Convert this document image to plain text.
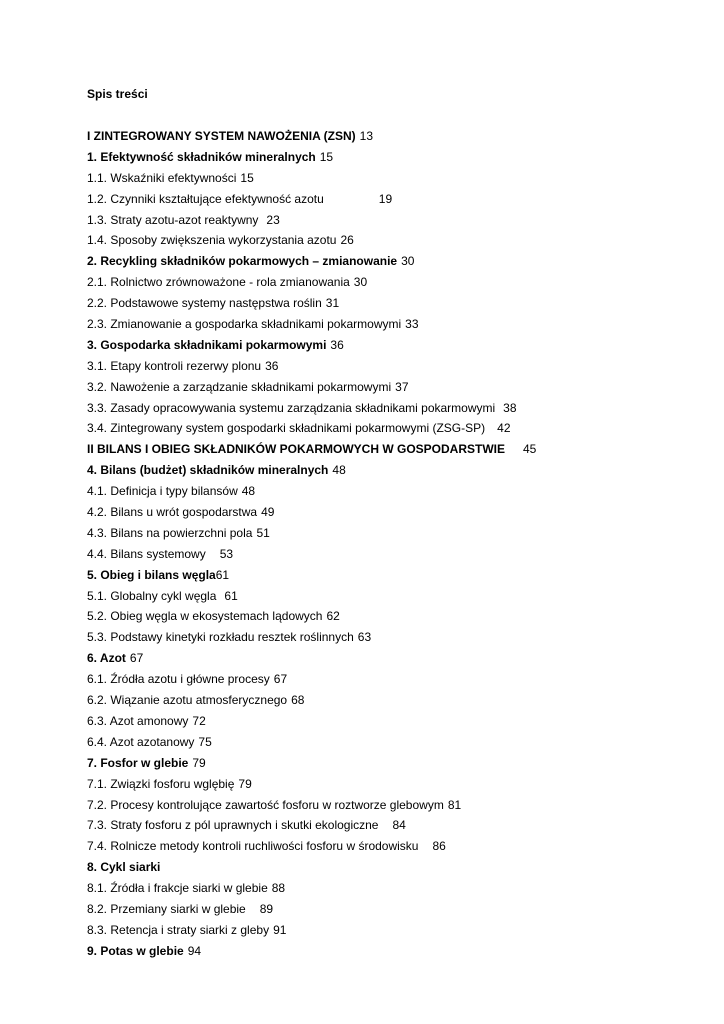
Spis treści
I ZINTEGROWANY SYSTEM NAWOŻENIA (ZSN) 13
1. Efektywność składników mineralnych 15
1.1. Wskaźniki efektywności 15
1.2. Czynniki kształtujące efektywność azotu	19
1.3. Straty azotu-azot reaktywny 23
1.4. Sposoby zwiększenia wykorzystania azotu 26
2. Recykling składników pokarmowych – zmianowanie 30
2.1. Rolnictwo zrównoważone - rola zmianowania 30
2.2. Podstawowe systemy następstwa roślin 31
2.3. Zmianowanie a gospodarka składnikami pokarmowymi 33
3. Gospodarka składnikami pokarmowymi 36
3.1. Etapy kontroli rezerwy plonu 36
3.2. Nawożenie a zarządzanie składnikami pokarmowymi 37
3.3. Zasady opracowywania systemu zarządzania składnikami pokarmowymi 38
3.4. Zintegrowany system gospodarki składnikami pokarmowymi (ZSG-SP) 42
II BILANS I OBIEG SKŁADNIKÓW POKARMOWYCH W GOSPODARSTWIE 45
4. Bilans (budżet) składników mineralnych 48
4.1. Definicja i typy bilansów 48
4.2. Bilans u wrót gospodarstwa 49
4.3. Bilans na powierzchni pola 51
4.4. Bilans systemowy 53
5. Obieg i bilans węgla61
5.1. Globalny cykl węgla 61
5.2. Obieg węgla w ekosystemach lądowych 62
5.3. Podstawy kinetyki rozkładu resztek roślinnych 63
6. Azot 67
6.1. Źródła azotu i główne procesy 67
6.2. Wiązanie azotu atmosferycznego 68
6.3. Azot amonowy 72
6.4. Azot azotanowy 75
7. Fosfor w glebie 79
7.1. Związki fosforu wglębię 79
7.2. Procesy kontrolujące zawartość fosforu w roztworze glebowym 81
7.3. Straty fosforu z pól uprawnych i skutki ekologiczne 84
7.4. Rolnicze metody kontroli ruchliwości fosforu w środowisku 86
8. Cykl siarki
8.1. Źródła i frakcje siarki w glebie 88
8.2. Przemiany siarki w glebie 89
8.3. Retencja i straty siarki z gleby 91
9. Potas w glebie 94
